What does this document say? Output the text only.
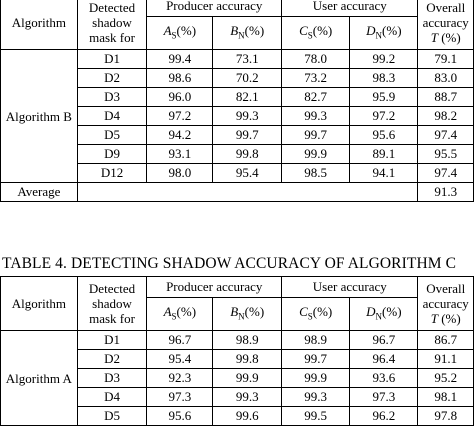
Algorithm	Detected shadow mask for	Producer accuracy		User accuracy		Overall accuracy
T (%)
		$A_S(\%)$	$B_N(\%)$	$C_S(\%)$	$D_N(\%)$	
Algorithm B	D1	99.4	73.1	78.0	99.2	79.1
	D2	98.6	70.2	73.2	98.3	83.0
	D3	96.0	82.1	82.7	95.9	88.7
	D4	97.2	99.3	99.3	97.2	98.2
	D5	94.2	99.7	99.7	95.6	97.4
	D9	93.1	99.8	99.9	89.1	95.5
	D12	98.0	95.4	98.5	94.1	97.4
Average						91.3
TABLE 4. DETECTING SHADOW ACCURACY OF ALGORITHM C
Algorithm	Detected shadow mask for	Producer accuracy		User accuracy		Overall accuracy
T (%)
		$A_S(\%)$	$B_N(\%)$	$C_S(\%)$	$D_N(\%)$	
Algorithm A	D1	96.7	98.9	98.9	96.7	86.7
	D2	95.4	99.8	99.7	96.4	91.1
	D3	92.3	99.9	99.9	93.6	95.2
	D4	97.3	99.3	99.3	97.3	98.1
	D5	95.6	99.6	99.5	96.2	97.8
